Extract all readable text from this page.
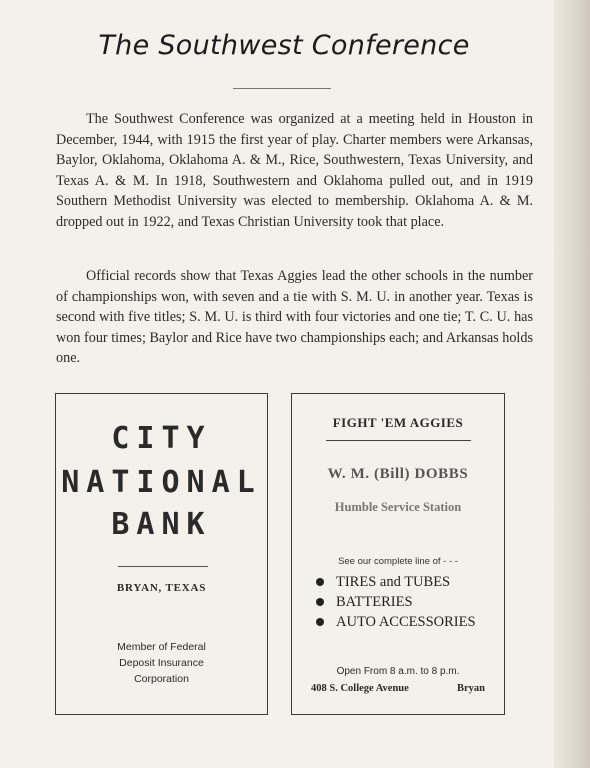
The Southwest Conference

The Southwest Conference was organized at a meeting held in Houston in December, 1944, with 1915 the first year of play. Charter members were Arkansas, Baylor, Oklahoma, Oklahoma A. & M., Rice, Southwestern, Texas University, and Texas A. & M. In 1918, Southwestern and Oklahoma pulled out, and in 1919 Southern Methodist University was elected to membership. Oklahoma A. & M. dropped out in 1922, and Texas Christian University took that place.

Official records show that Texas Aggies lead the other schools in the number of championships won, with seven and a tie with S. M. U. in another year. Texas is second with five titles; S. M. U. is third with four victories and one tie; T. C. U. has won four times; Baylor and Rice have two championships each; and Arkansas holds one.

CITY
NATIONAL
BANK
BRYAN, TEXAS
Member of Federal
Deposit Insurance
Corporation
FIGHT 'EM AGGIES
W. M. (Bill) DOBBS
Humble Service Station
See our complete line of - - -
TIRES and TUBES
BATTERIES
AUTO ACCESSORIES
Open From 8 a.m. to 8 p.m.
408 S. College Avenue	Bryan
